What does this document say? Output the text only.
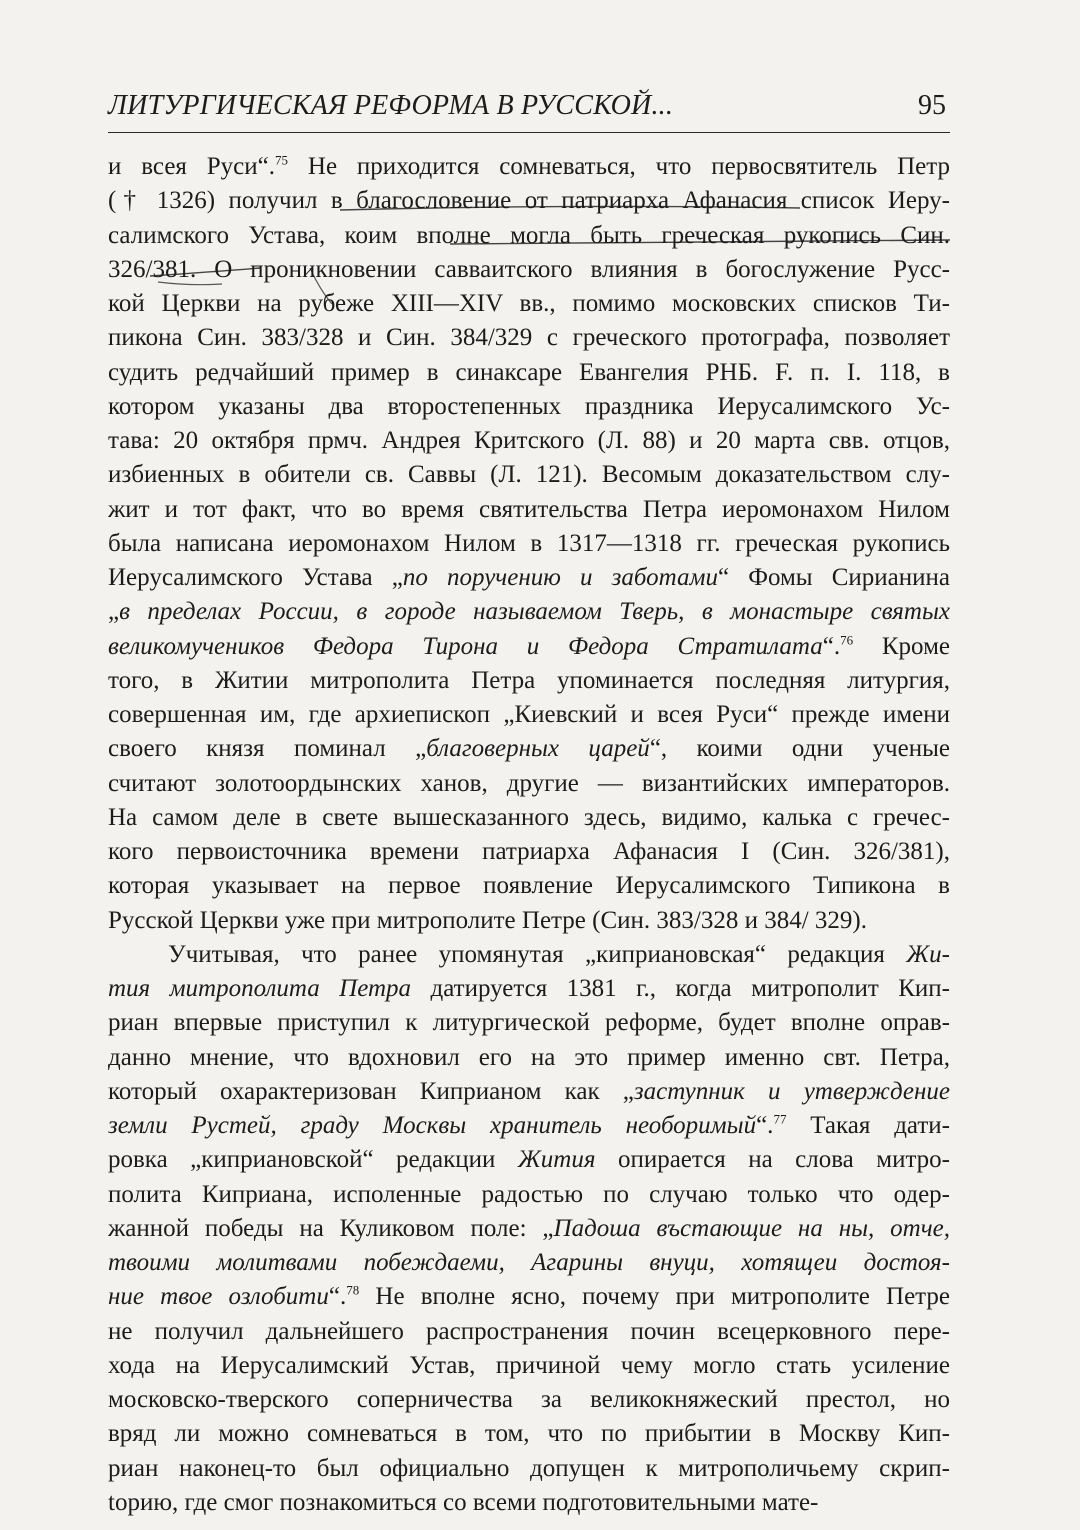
ЛИТУРГИЧЕСКАЯ РЕФОРМА В РУССКОЙ...	95
и всея Руси“.$^{75}$ Не приходится сомневаться, что первосвятитель Петр
(† 1326) получил в благословение от патриарха Афанасия список Иеру-
салимского Устава, коим вполне могла быть греческая рукопись Син.
326/381. О проникновении савваитского влияния в богослужение Русс-
кой Церкви на рубеже XIII—XIV вв., помимо московских списков Ти-
пикона Син. 383/328 и Син. 384/329 с греческого протографа, позволяет
судить редчайший пример в синаксаре Евангелия РНБ. F. п. I. 118, в
котором указаны два второстепенных праздника Иерусалимского Ус-
тава: 20 октября прмч. Андрея Критского (Л. 88) и 20 марта свв. отцов,
избиенных в обители св. Саввы (Л. 121). Весомым доказательством слу-
жит и тот факт, что во время святительства Петра иеромонахом Нилом
была написана иеромонахом Нилом в 1317—1318 гг. греческая рукопись
Иерусалимского Устава „по поручению и заботами“ Фомы Сирианина
„в пределах России, в городе называемом Тверь, в монастыре святых
великомучеников Федора Тирона и Федора Стратилата“.$^{76}$ Кроме
того, в Житии митрополита Петра упоминается последняя литургия,
совершенная им, где архиепископ „Киевский и всея Руси“ прежде имени
своего князя поминал „благоверных царей“, коими одни ученые
считают золотоордынских ханов, другие — византийских императоров.
На самом деле в свете вышесказанного здесь, видимо, калька с гречес-
кого первоисточника времени патриарха Афанасия I (Син. 326/381),
которая указывает на первое появление Иерусалимского Типикона в
Русской Церкви уже при митрополите Петре (Син. 383/328 и 384/ 329).
Учитывая, что ранее упомянутая „киприановская“ редакция Жи-
тия митрополита Петра датируется 1381 г., когда митрополит Кип-
риан впервые приступил к литургической реформе, будет вполне оправ-
данно мнение, что вдохновил его на это пример именно свт. Петра,
который охарактеризован Киприаном как „заступник и утверждение
земли Рустей, граду Москвы хранитель необоримый“.$^{77}$ Такая дати-
ровка „киприановской“ редакции Жития опирается на слова митро-
полита Киприана, исполенные радостью по случаю только что одер-
жанной победы на Куликовом поле: „Падоша въстающие на ны, отче,
твоими молитвами побеждаеми, Агарины внуци, хотящеи достоя-
ние твое озлобити“.$^{78}$ Не вполне ясно, почему при митрополите Петре
не получил дальнейшего распространения почин всецерковного пере-
хода на Иерусалимский Устав, причиной чему могло стать усиление
московско-тверского соперничества за великокняжеский престол, но
вряд ли можно сомневаться в том, что по прибытии в Москву Кип-
риан наконец-то был официально допущен к митрополичьему скрип-
tорию, где смог познакомиться со всеми подготовительными мате-
